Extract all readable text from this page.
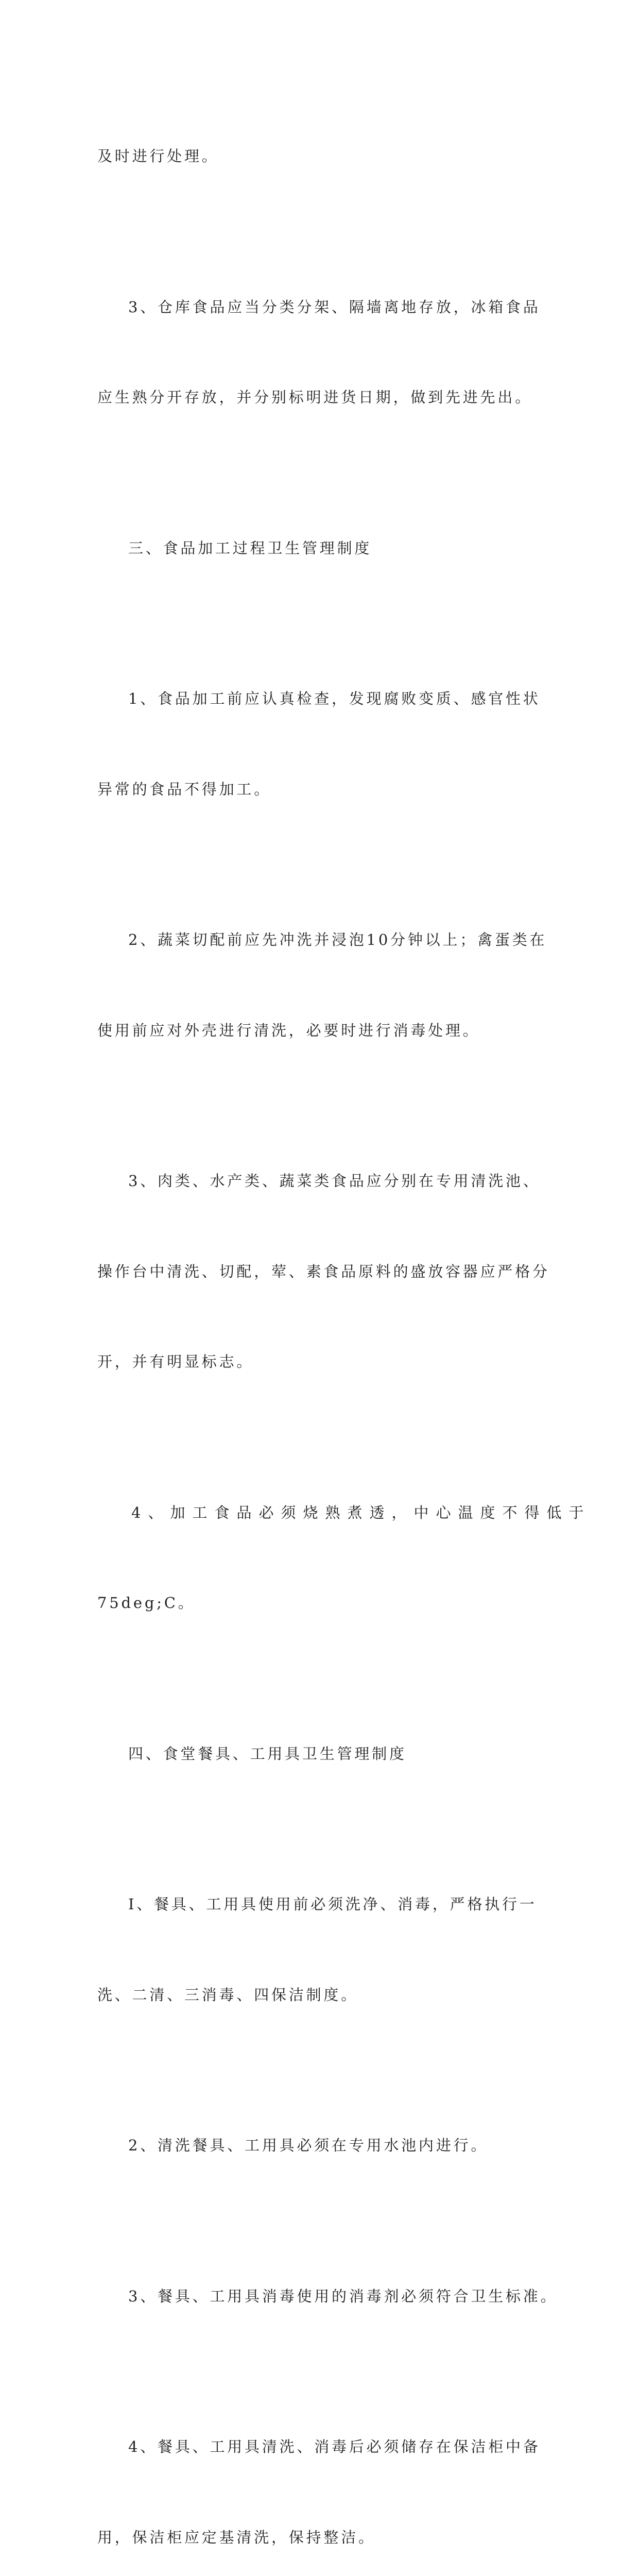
及时进行处理。

3、仓库食品应当分类分架、隔墙离地存放，冰箱食品

应生熟分开存放，并分别标明进货日期，做到先进先出。

三、食品加工过程卫生管理制度

1、食品加工前应认真检查，发现腐败变质、感官性状

异常的食品不得加工。

2、蔬菜切配前应先冲洗并浸泡10分钟以上；禽蛋类在

使用前应对外壳进行清洗，必要时进行消毒处理。

3、肉类、水产类、蔬菜类食品应分别在专用清洗池、

操作台中清洗、切配，荤、素食品原料的盛放容器应严格分

开，并有明显标志。

4、加工食品必须烧熟煮透，中心温度不得低于

75deg;C。

四、食堂餐具、工用具卫生管理制度

I、餐具、工用具使用前必须洗净、消毒，严格执行一

洗、二清、三消毒、四保洁制度。

2、清洗餐具、工用具必须在专用水池内进行。

3、餐具、工用具消毒使用的消毒剂必须符合卫生标准。

4、餐具、工用具清洗、消毒后必须储存在保洁柜中备

用，保洁柜应定基清洗，保持整洁。
